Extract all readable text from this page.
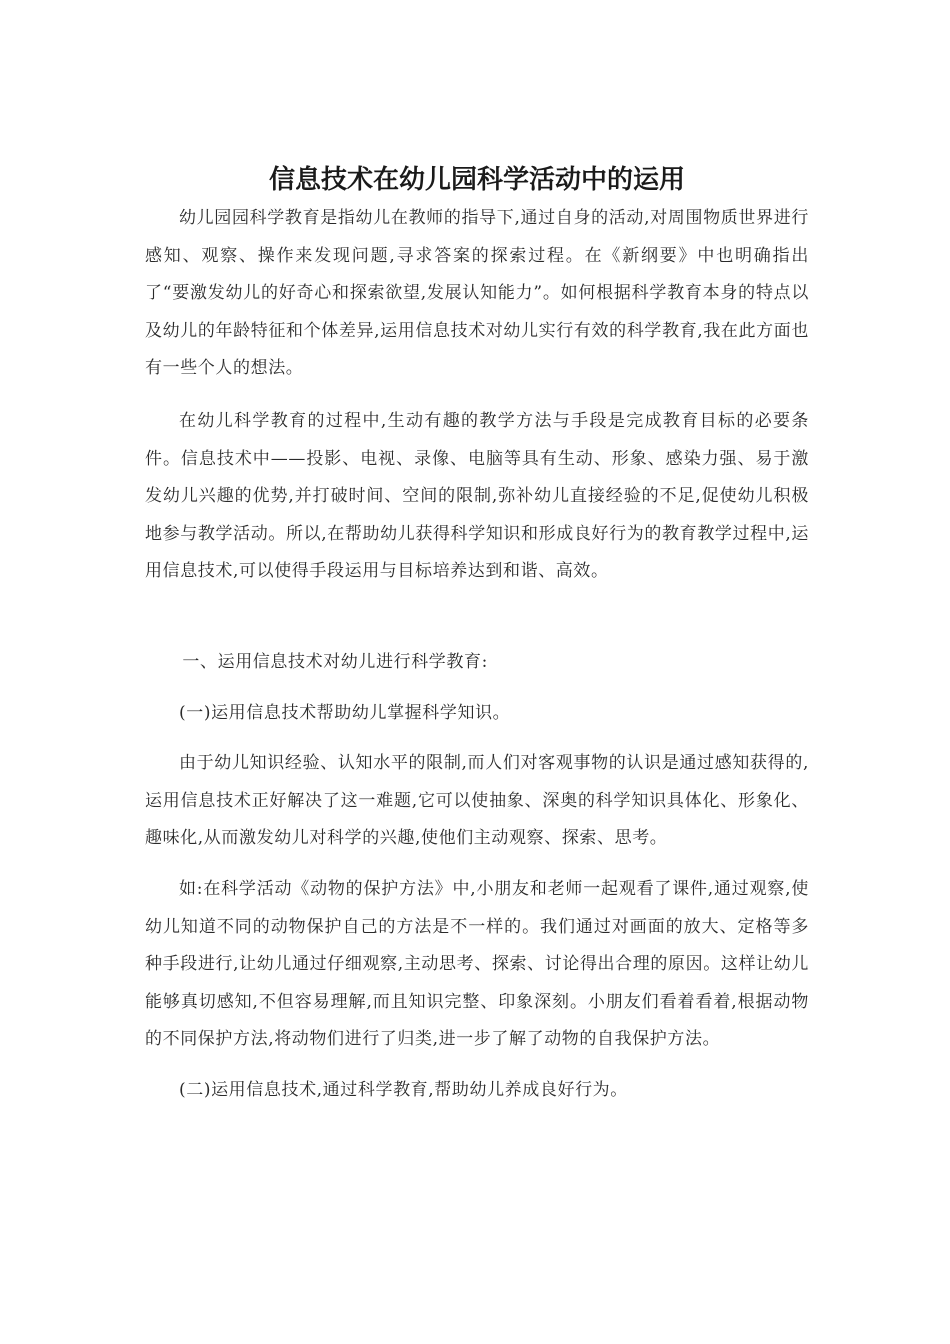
信息技术在幼儿园科学活动中的运用

幼儿园园科学教育是指幼儿在教师的指导下,通过自身的活动,对周围物质世界进行感知、观察、操作来发现问题,寻求答案的探索过程。在《新纲要》中也明确指出了“要激发幼儿的好奇心和探索欲望,发展认知能力”。如何根据科学教育本身的特点以及幼儿的年龄特征和个体差异,运用信息技术对幼儿实行有效的科学教育,我在此方面也有一些个人的想法。

在幼儿科学教育的过程中,生动有趣的教学方法与手段是完成教育目标的必要条件。信息技术中——投影、电视、录像、电脑等具有生动、形象、感染力强、易于激发幼儿兴趣的优势,并打破时间、空间的限制,弥补幼儿直接经验的不足,促使幼儿积极地参与教学活动。所以,在帮助幼儿获得科学知识和形成良好行为的教育教学过程中,运用信息技术,可以使得手段运用与目标培养达到和谐、高效。

一、运用信息技术对幼儿进行科学教育:

(一)运用信息技术帮助幼儿掌握科学知识。

由于幼儿知识经验、认知水平的限制,而人们对客观事物的认识是通过感知获得的,运用信息技术正好解决了这一难题,它可以使抽象、深奥的科学知识具体化、形象化、趣味化,从而激发幼儿对科学的兴趣,使他们主动观察、探索、思考。

如:在科学活动《动物的保护方法》中,小朋友和老师一起观看了课件,通过观察,使幼儿知道不同的动物保护自己的方法是不一样的。我们通过对画面的放大、定格等多种手段进行,让幼儿通过仔细观察,主动思考、探索、讨论得出合理的原因。这样让幼儿能够真切感知,不但容易理解,而且知识完整、印象深刻。小朋友们看着看着,根据动物的不同保护方法,将动物们进行了归类,进一步了解了动物的自我保护方法。

(二)运用信息技术,通过科学教育,帮助幼儿养成良好行为。
